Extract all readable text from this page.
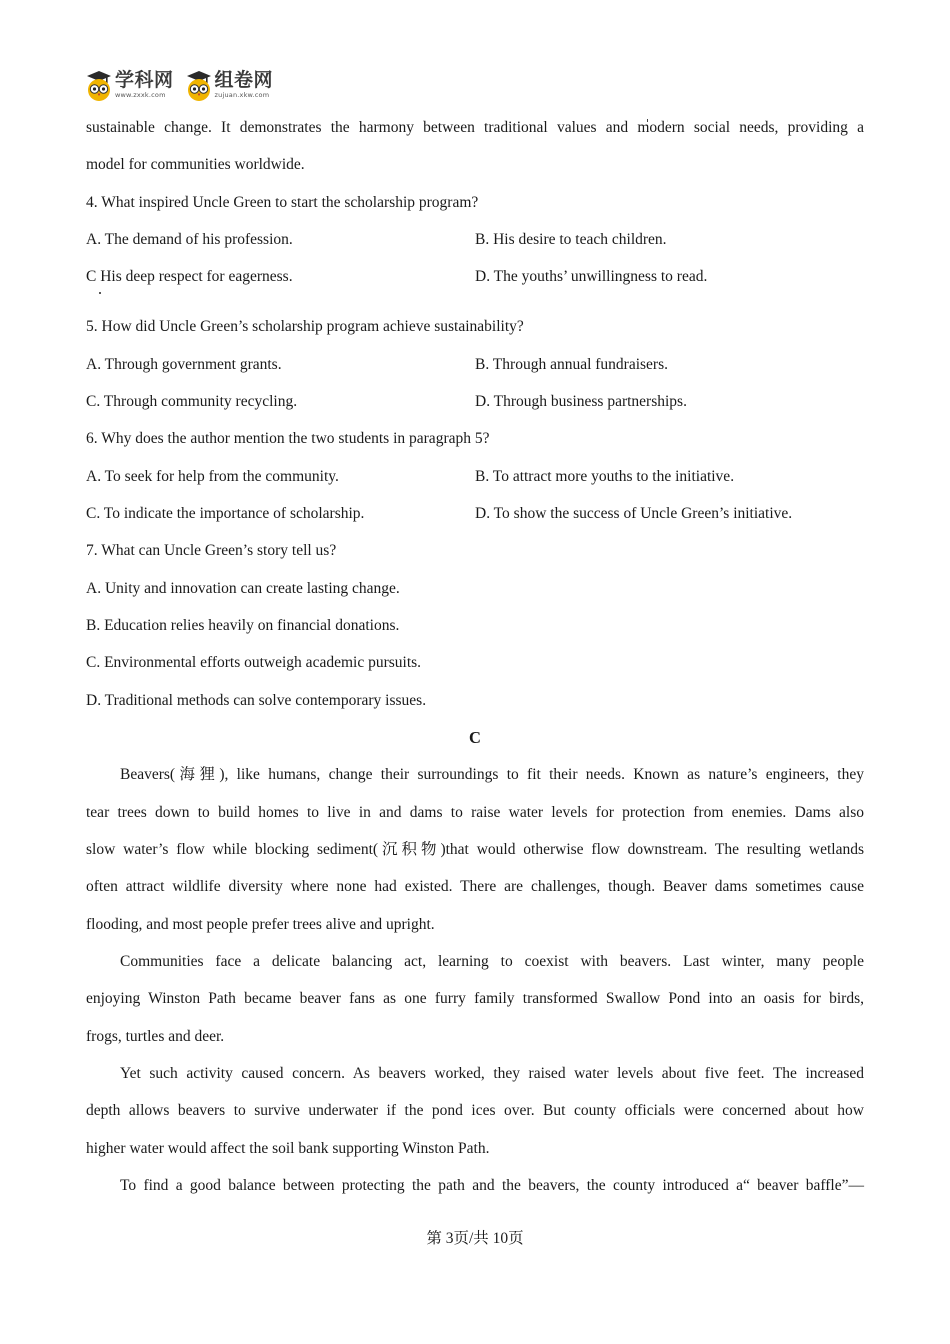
学科网
www.zxxk.com
组卷网
zujuan.xkw.com
sustainable change. It demonstrates the harmony between traditional values and modern social needs, providing a
model for communities worldwide.
4. What inspired Uncle Green to start the scholarship program?
A. The demand of his profession.	B. His desire to teach children.
C His deep respect for eagerness.	D. The youths’ unwillingness to read.
5. How did Uncle Green’s scholarship program achieve sustainability?
A. Through government grants.	B. Through annual fundraisers.
C. Through community recycling.	D. Through business partnerships.
6. Why does the author mention the two students in paragraph 5?
A. To seek for help from the community.	B. To attract more youths to the initiative.
C. To indicate the importance of scholarship.	D. To show the success of Uncle Green’s initiative.
7. What can Uncle Green’s story tell us?
A. Unity and innovation can create lasting change.
B. Education relies heavily on financial donations.
C. Environmental efforts outweigh academic pursuits.
D. Traditional methods can solve contemporary issues.
C
Beavers(海狸), like humans, change their surroundings to fit their needs. Known as nature’s engineers, they
tear trees down to build homes to live in and dams to raise water levels for protection from enemies. Dams also
slow water’s flow while blocking sediment(沉积物)that would otherwise flow downstream. The resulting wetlands
often attract wildlife diversity where none had existed. There are challenges, though. Beaver dams sometimes cause
flooding, and most people prefer trees alive and upright.
Communities face a delicate balancing act, learning to coexist with beavers. Last winter, many people
enjoying Winston Path became beaver fans as one furry family transformed Swallow Pond into an oasis for birds,
frogs, turtles and deer.
Yet such activity caused concern. As beavers worked, they raised water levels about five feet. The increased
depth allows beavers to survive underwater if the pond ices over. But county officials were concerned about how
higher water would affect the soil bank supporting Winston Path.
To find a good balance between protecting the path and the beavers, the county introduced a“ beaver baffle”—
第 3页/共 10页
